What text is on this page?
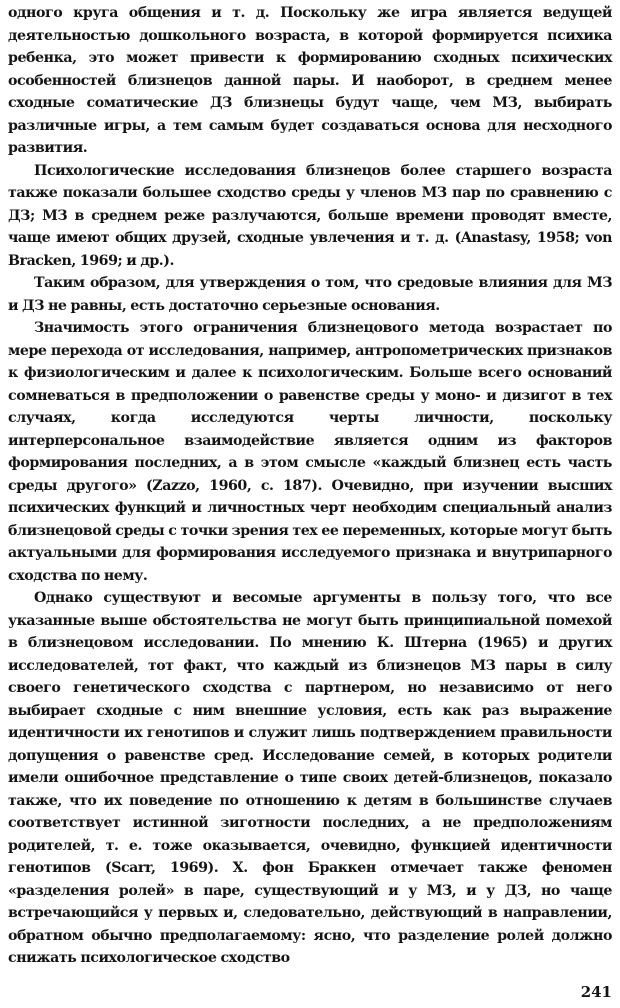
одного круга общения и т. д. Поскольку же игра является ведущей деятельностью дошкольного возраста, в которой формируется психика ребенка, это может привести к формированию сходных психических особенностей близнецов данной пары. И наоборот, в среднем менее сходные соматические ДЗ близнецы будут чаще, чем МЗ, выбирать различные игры, а тем самым будет создаваться основа для несходного развития.

Психологические исследования близнецов более старшего возраста также показали большее сходство среды у членов МЗ пар по сравнению с ДЗ; МЗ в среднем реже разлучаются, больше времени проводят вместе, чаще имеют общих друзей, сходные увлечения и т. д. (Anastasy, 1958; von Bracken, 1969; и др.).

Таким образом, для утверждения о том, что средовые влияния для МЗ и ДЗ не равны, есть достаточно серьезные основания.

Значимость этого ограничения близнецового метода возрастает по мере перехода от исследования, например, антропометрических признаков к физиологическим и далее к психологическим. Больше всего оснований сомневаться в предположении о равенстве среды у моно- и дизигот в тех случаях, когда исследуются черты личности, поскольку интерперсональное взаимодействие является одним из факторов формирования последних, а в этом смысле «каждый близнец есть часть среды другого» (Zazzo, 1960, с. 187). Очевидно, при изучении высших психических функций и личностных черт необходим специальный анализ близнецовой среды с точки зрения тех ее переменных, которые могут быть актуальными для формирования исследуемого признака и внутрипарного сходства по нему.

Однако существуют и весомые аргументы в пользу того, что все указанные выше обстоятельства не могут быть принципиальной помехой в близнецовом исследовании. По мнению К. Штерна (1965) и других исследователей, тот факт, что каждый из близнецов МЗ пары в силу своего генетического сходства с партнером, но независимо от него выбирает сходные с ним внешние условия, есть как раз выражение идентичности их генотипов и служит лишь подтверждением правильности допущения о равенстве сред. Исследование семей, в которых родители имели ошибочное представление о типе своих детей-близнецов, показало также, что их поведение по отношению к детям в большинстве случаев соответствует истинной зиготности последних, а не предположениям родителей, т. е. тоже оказывается, очевидно, функцией идентичности генотипов (Scarr, 1969). Х. фон Браккен отмечает также феномен «разделения ролей» в паре, существующий и у МЗ, и у ДЗ, но чаще встречающийся у первых и, следовательно, действующий в направлении, обратном обычно предполагаемому: ясно, что разделение ролей должно снижать психологическое сходство

241
